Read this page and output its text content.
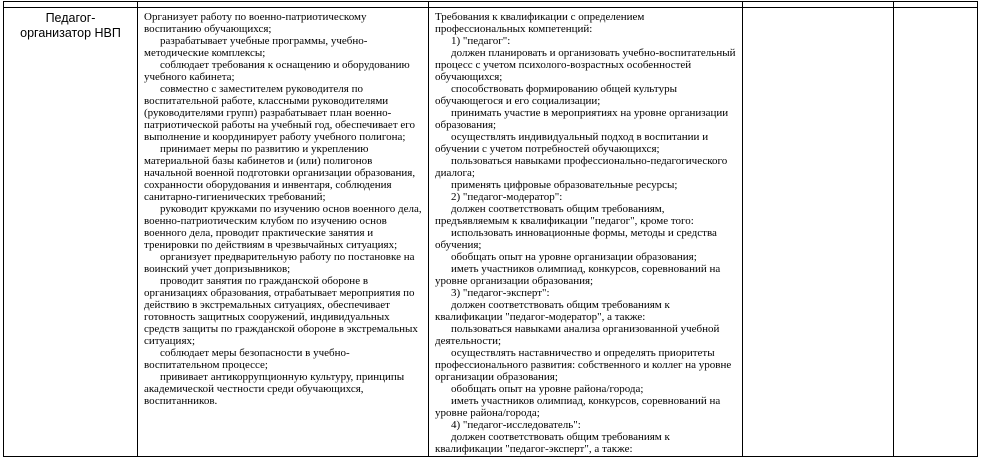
Педагог-организатор НВП

Организует работу по военно-патриотическому воспитанию обучающихся;

разрабатывает учебные программы, учебно-методические комплексы;

соблюдает требования к оснащению и оборудованию учебного кабинета;

совместно с заместителем руководителя по воспитательной работе, классными руководителями (руководителями групп) разрабатывает план военно-патриотической работы на учебный год, обеспечивает его выполнение и координирует работу учебного полигона;

принимает меры по развитию и укреплению материальной базы кабинетов и (или) полигонов начальной военной подготовки организации образования, сохранности оборудования и инвентаря, соблюдения санитарно-гигиенических требований;

руководит кружками по изучению основ военного дела, военно-патриотическим клубом по изучению основ военного дела, проводит практические занятия и тренировки по действиям в чрезвычайных ситуациях;

организует предварительную работу по постановке на воинский учет допризывников;

проводит занятия по гражданской обороне в организациях образования, отрабатывает мероприятия по действию в экстремальных ситуациях, обеспечивает готовность защитных сооружений, индивидуальных средств защиты по гражданской обороне в экстремальных ситуациях;

соблюдает меры безопасности в учебно-воспитательном процессе;

прививает антикоррупционную культуру, принципы академической честности среди обучающихся, воспитанников.

Требования к квалификации с определением профессиональных компетенций:

1) "педагог":

должен планировать и организовать учебно-воспитательный процесс с учетом психолого-возрастных особенностей обучающихся;

способствовать формированию общей культуры обучающегося и его социализации;

принимать участие в мероприятиях на уровне организации образования;

осуществлять индивидуальный подход в воспитании и обучении с учетом потребностей обучающихся;

пользоваться навыками профессионально-педагогического диалога;

применять цифровые образовательные ресурсы;

2) "педагог-модератор":

должен соответствовать общим требованиям, предъявляемым к квалификации "педагог", кроме того:

использовать инновационные формы, методы и средства обучения;

обобщать опыт на уровне организации образования;

иметь участников олимпиад, конкурсов, соревнований на уровне организации образования;

3) "педагог-эксперт":

должен соответствовать общим требованиям к квалификации "педагог-модератор", а также:

пользоваться навыками анализа организованной учебной деятельности;

осуществлять наставничество и определять приоритеты профессионального развития: собственного и коллег на уровне организации образования;

обобщать опыт на уровне района/города;

иметь участников олимпиад, конкурсов, соревнований на уровне района/города;

4) "педагог-исследователь":

должен соответствовать общим требованиям к квалификации "педагог-эксперт", а также:
